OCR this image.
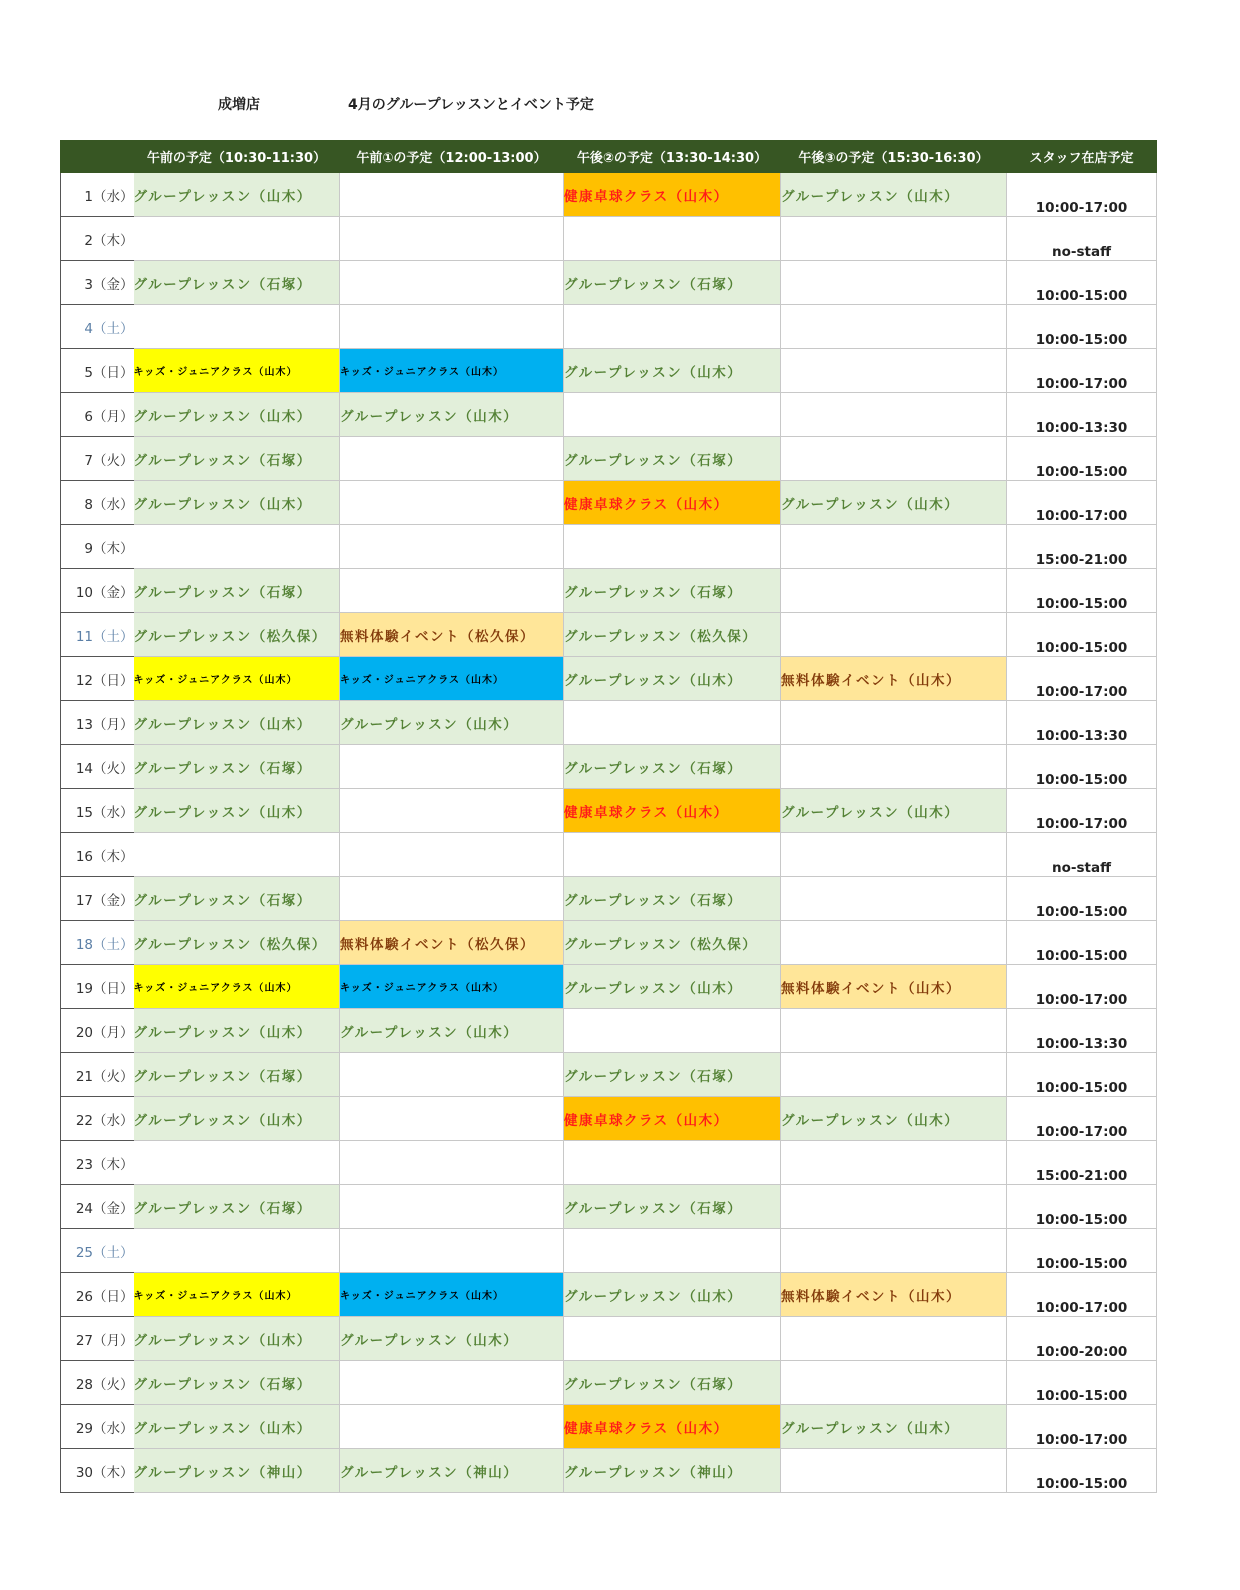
成増店	4月のグループレッスンとイベント予定
	午前の予定（10:30-11:30）	午前①の予定（12:00-13:00）	午後②の予定（13:30-14:30）	午後③の予定（15:30-16:30）	スタッフ在店予定
1（水）	グループレッスン（山木）		健康卓球クラス（山木）	グループレッスン（山木）	10:00-17:00
2（木）					no-staff
3（金）	グループレッスン（石塚）		グループレッスン（石塚）		10:00-15:00
4（土）					10:00-15:00
5（日）	キッズ・ジュニアクラス（山木）	キッズ・ジュニアクラス（山木）	グループレッスン（山木）		10:00-17:00
6（月）	グループレッスン（山木）	グループレッスン（山木）			10:00-13:30
7（火）	グループレッスン（石塚）		グループレッスン（石塚）		10:00-15:00
8（水）	グループレッスン（山木）		健康卓球クラス（山木）	グループレッスン（山木）	10:00-17:00
9（木）					15:00-21:00
10（金）	グループレッスン（石塚）		グループレッスン（石塚）		10:00-15:00
11（土）	グループレッスン（松久保）	無料体験イベント（松久保）	グループレッスン（松久保）		10:00-15:00
12（日）	キッズ・ジュニアクラス（山木）	キッズ・ジュニアクラス（山木）	グループレッスン（山木）	無料体験イベント（山木）	10:00-17:00
13（月）	グループレッスン（山木）	グループレッスン（山木）			10:00-13:30
14（火）	グループレッスン（石塚）		グループレッスン（石塚）		10:00-15:00
15（水）	グループレッスン（山木）		健康卓球クラス（山木）	グループレッスン（山木）	10:00-17:00
16（木）					no-staff
17（金）	グループレッスン（石塚）		グループレッスン（石塚）		10:00-15:00
18（土）	グループレッスン（松久保）	無料体験イベント（松久保）	グループレッスン（松久保）		10:00-15:00
19（日）	キッズ・ジュニアクラス（山木）	キッズ・ジュニアクラス（山木）	グループレッスン（山木）	無料体験イベント（山木）	10:00-17:00
20（月）	グループレッスン（山木）	グループレッスン（山木）			10:00-13:30
21（火）	グループレッスン（石塚）		グループレッスン（石塚）		10:00-15:00
22（水）	グループレッスン（山木）		健康卓球クラス（山木）	グループレッスン（山木）	10:00-17:00
23（木）					15:00-21:00
24（金）	グループレッスン（石塚）		グループレッスン（石塚）		10:00-15:00
25（土）					10:00-15:00
26（日）	キッズ・ジュニアクラス（山木）	キッズ・ジュニアクラス（山木）	グループレッスン（山木）	無料体験イベント（山木）	10:00-17:00
27（月）	グループレッスン（山木）	グループレッスン（山木）			10:00-20:00
28（火）	グループレッスン（石塚）		グループレッスン（石塚）		10:00-15:00
29（水）	グループレッスン（山木）		健康卓球クラス（山木）	グループレッスン（山木）	10:00-17:00
30（木）	グループレッスン（神山）	グループレッスン（神山）	グループレッスン（神山）		10:00-15:00
